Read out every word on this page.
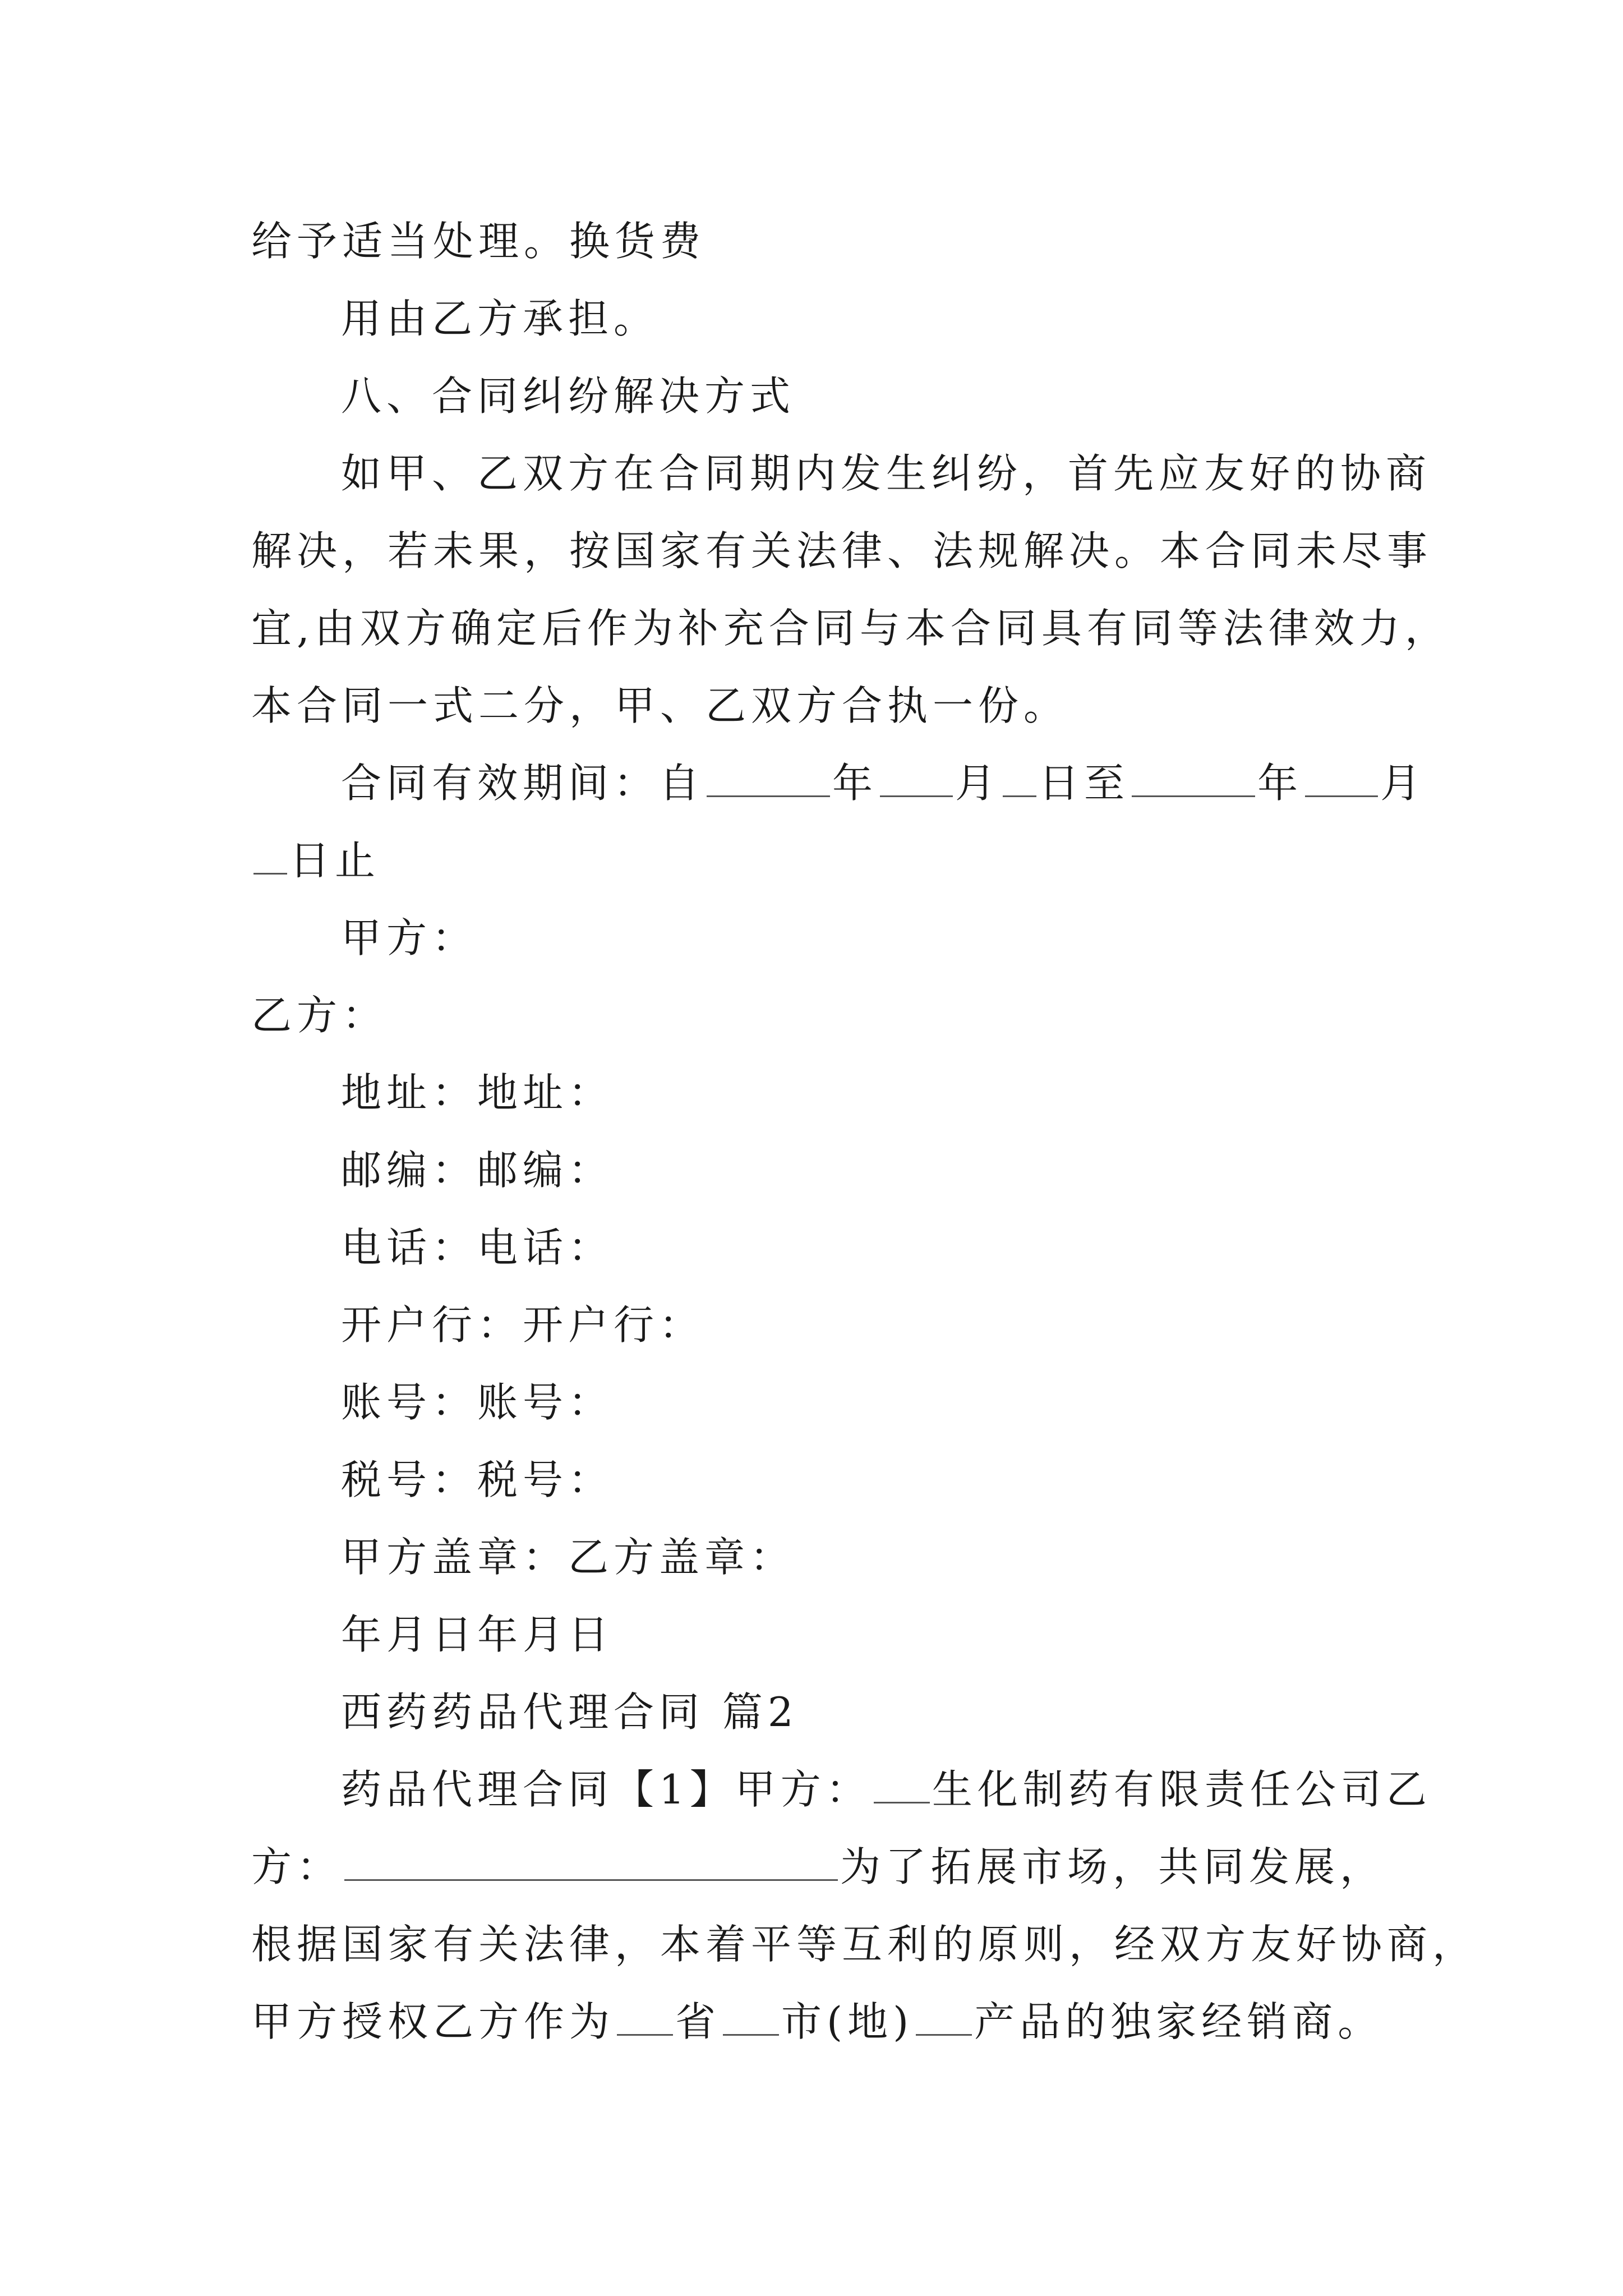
给予适当处理。换货费
用由乙方承担。
八、合同纠纷解决方式
如甲、乙双方在合同期内发生纠纷，首先应友好的协商
解决，若未果，按国家有关法律、法规解决。本合同未尽事
宜,由双方确定后作为补充合同与本合同具有同等法律效力，
本合同一式二分，甲、乙双方合执一份。
合同有效期间：自	年 月 日至	年 月
日止
甲方：
乙方：
地址：地址：
邮编：邮编：
电话：电话：
开户行：开户行：
账号：账号：
税号：税号：
甲方盖章：乙方盖章：
年月日年月日
西药药品代理合同 篇2
药品代理合同【1】甲方： 生化制药有限责任公司乙
方：	为了拓展市场，共同发展，
根据国家有关法律，本着平等互利的原则，经双方友好协商，
甲方授权乙方作为 省 市(地) 产品的独家经销商。
